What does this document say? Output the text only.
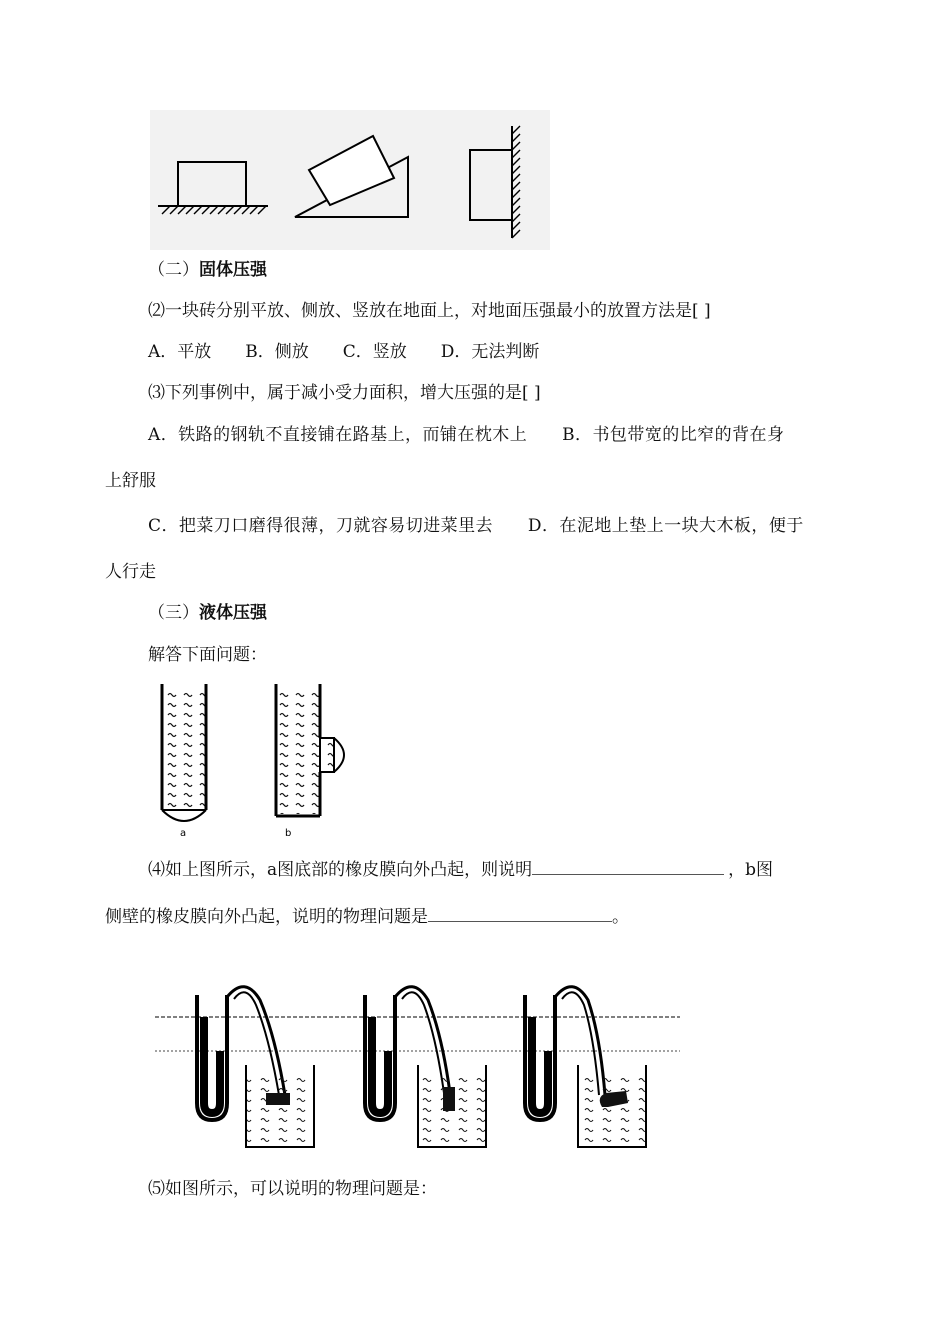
（二）固体压强
⑵一块砖分别平放、侧放、竖放在地面上，对地面压强最小的放置方法是[ ]
A．平放　　B．侧放　　C．竖放　　D．无法判断
⑶下列事例中，属于减小受力面积，增大压强的是[ ]
A．铁路的钢轨不直接铺在路基上，而铺在枕木上　　B．书包带宽的比窄的背在身
上舒服
C．把菜刀口磨得很薄，刀就容易切进菜里去　　D．在泥地上垫上一块大木板，便于
人行走
（三）液体压强
解答下面问题：
a	b
⑷如上图所示，a图底部的橡皮膜向外凸起，则说明	，b图
侧壁的橡皮膜向外凸起，说明的物理问题是	。
⑸如图所示，可以说明的物理问题是：
